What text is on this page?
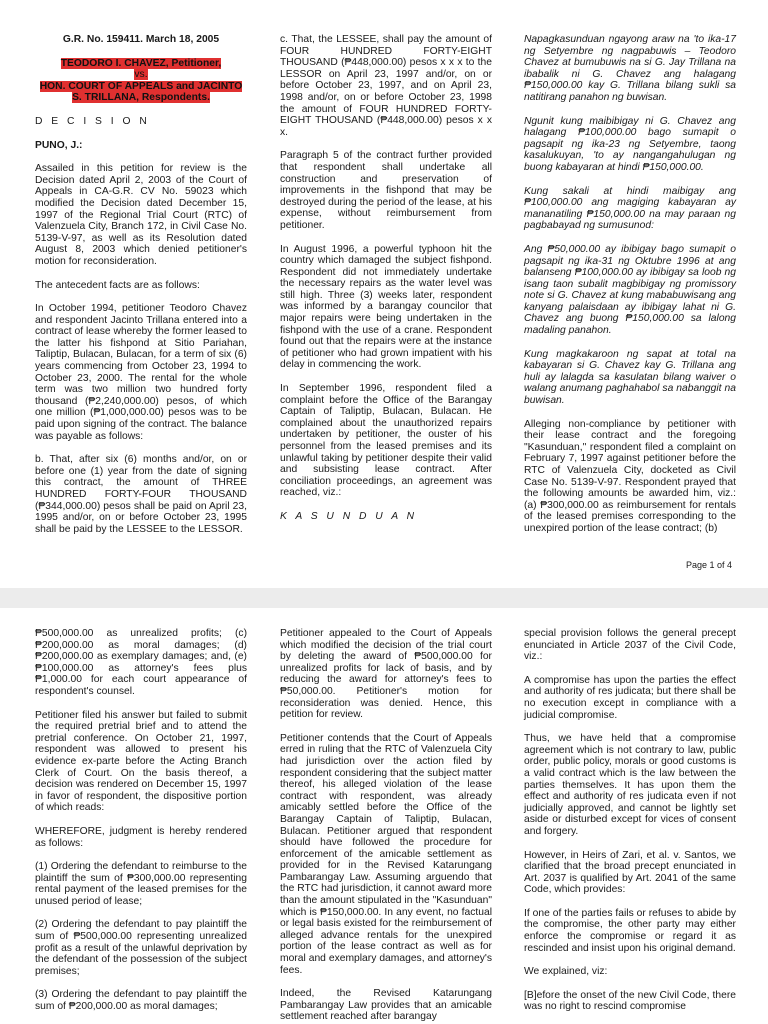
G.R. No. 159411. March 18, 2005

TEODORO I. CHAVEZ, Petitioner,

vs.

HON. COURT OF APPEALS and JACINTO S. TRILLANA, Respondents.

D E C I S I O N

PUNO, J.:

Assailed in this petition for review is the Decision dated April 2, 2003 of the Court of Appeals in CA-G.R. CV No. 59023 which modified the Decision dated December 15, 1997 of the Regional Trial Court (RTC) of Valenzuela City, Branch 172, in Civil Case No. 5139-V-97, as well as its Resolution dated August 8, 2003 which denied petitioner's motion for reconsideration.

The antecedent facts are as follows:

In October 1994, petitioner Teodoro Chavez and respondent Jacinto Trillana entered into a contract of lease whereby the former leased to the latter his fishpond at Sitio Pariahan, Taliptip, Bulacan, Bulacan, for a term of six (6) years commencing from October 23, 1994 to October 23, 2000. The rental for the whole term was two million two hundred forty thousand (₱2,240,000.00) pesos, of which one million (₱1,000,000.00) pesos was to be paid upon signing of the contract. The balance was payable as follows:

b. That, after six (6) months and/or, on or before one (1) year from the date of signing this contract, the amount of THREE HUNDRED FORTY-FOUR THOUSAND (₱344,000.00) pesos shall be paid on April 23, 1995 and/or, on or before October 23, 1995 shall be paid by the LESSEE to the LESSOR.

c. That, the LESSEE, shall pay the amount of FOUR HUNDRED FORTY-EIGHT THOUSAND (₱448,000.00) pesos x x x to the LESSOR on April 23, 1997 and/or, on or before October 23, 1997, and on April 23, 1998 and/or, on or before October 23, 1998 the amount of FOUR HUNDRED FORTY-EIGHT THOUSAND (₱448,000.00) pesos x x x.

Paragraph 5 of the contract further provided that respondent shall undertake all construction and preservation of improvements in the fishpond that may be destroyed during the period of the lease, at his expense, without reimbursement from petitioner.

In August 1996, a powerful typhoon hit the country which damaged the subject fishpond. Respondent did not immediately undertake the necessary repairs as the water level was still high. Three (3) weeks later, respondent was informed by a barangay councilor that major repairs were being undertaken in the fishpond with the use of a crane. Respondent found out that the repairs were at the instance of petitioner who had grown impatient with his delay in commencing the work.

In September 1996, respondent filed a complaint before the Office of the Barangay Captain of Taliptip, Bulacan, Bulacan. He complained about the unauthorized repairs undertaken by petitioner, the ouster of his personnel from the leased premises and its unlawful taking by petitioner despite their valid and subsisting lease contract. After conciliation proceedings, an agreement was reached, viz.:

K A S U N D U A N

Napagkasunduan ngayong araw na 'to ika-17 ng Setyembre ng nagpabuwis – Teodoro Chavez at bumubuwis na si G. Jay Trillana na ibabalik ni G. Chavez ang halagang ₱150,000.00 kay G. Trillana bilang sukli sa natitirang panahon ng buwisan.

Ngunit kung maibibigay ni G. Chavez ang halagang ₱100,000.00 bago sumapit o pagsapit ng ika-23 ng Setyembre, taong kasalukuyan, 'to ay nangangahulugan ng buong kabayaran at hindi ₱150,000.00.

Kung sakali at hindi maibigay ang ₱100,000.00 ang magiging kabayaran ay mananatiling ₱150,000.00 na may paraan ng pagbabayad ng sumusunod:

Ang ₱50,000.00 ay ibibigay bago sumapit o pagsapit ng ika-31 ng Oktubre 1996 at ang balanseng ₱100,000.00 ay ibibigay sa loob ng isang taon subalit magbibigay ng promissory note si G. Chavez at kung mababuwisang ang kanyang palaisdaan ay ibibigay lahat ni G. Chavez ang buong ₱150,000.00 sa lalong madaling panahon.

Kung magkakaroon ng sapat at total na kabayaran si G. Chavez kay G. Trillana ang huli ay lalagda sa kasulatan bilang waiver o walang anumang paghahabol sa nabanggit na buwisan.

Alleging non-compliance by petitioner with their lease contract and the foregoing "Kasunduan," respondent filed a complaint on February 7, 1997 against petitioner before the RTC of Valenzuela City, docketed as Civil Case No. 5139-V-97. Respondent prayed that the following amounts be awarded him, viz.: (a) ₱300,000.00 as reimbursement for rentals of the leased premises corresponding to the unexpired portion of the lease contract; (b)

Page 1 of 4

₱500,000.00 as unrealized profits; (c) ₱200,000.00 as moral damages; (d) ₱200,000.00 as exemplary damages; and, (e) ₱100,000.00 as attorney's fees plus ₱1,000.00 for each court appearance of respondent's counsel.

Petitioner filed his answer but failed to submit the required pretrial brief and to attend the pretrial conference. On October 21, 1997, respondent was allowed to present his evidence ex-parte before the Acting Branch Clerk of Court. On the basis thereof, a decision was rendered on December 15, 1997 in favor of respondent, the dispositive portion of which reads:

WHEREFORE, judgment is hereby rendered as follows:

(1) Ordering the defendant to reimburse to the plaintiff the sum of ₱300,000.00 representing rental payment of the leased premises for the unused period of lease;

(2) Ordering the defendant to pay plaintiff the sum of ₱500,000.00 representing unrealized profit as a result of the unlawful deprivation by the defendant of the possession of the subject premises;

(3) Ordering the defendant to pay plaintiff the sum of ₱200,000.00 as moral damages;

Petitioner appealed to the Court of Appeals which modified the decision of the trial court by deleting the award of ₱500,000.00 for unrealized profits for lack of basis, and by reducing the award for attorney's fees to ₱50,000.00. Petitioner's motion for reconsideration was denied. Hence, this petition for review.

Petitioner contends that the Court of Appeals erred in ruling that the RTC of Valenzuela City had jurisdiction over the action filed by respondent considering that the subject matter thereof, his alleged violation of the lease contract with respondent, was already amicably settled before the Office of the Barangay Captain of Taliptip, Bulacan, Bulacan. Petitioner argued that respondent should have followed the procedure for enforcement of the amicable settlement as provided for in the Revised Katarungang Pambarangay Law. Assuming arguendo that the RTC had jurisdiction, it cannot award more than the amount stipulated in the "Kasunduan" which is ₱150,000.00. In any event, no factual or legal basis existed for the reimbursement of alleged advance rentals for the unexpired portion of the lease contract as well as for moral and exemplary damages, and attorney's fees.

Indeed, the Revised Katarungang Pambarangay Law provides that an amicable settlement reached after barangay

special provision follows the general precept enunciated in Article 2037 of the Civil Code, viz.:

A compromise has upon the parties the effect and authority of res judicata; but there shall be no execution except in compliance with a judicial compromise.

Thus, we have held that a compromise agreement which is not contrary to law, public order, public policy, morals or good customs is a valid contract which is the law between the parties themselves. It has upon them the effect and authority of res judicata even if not judicially approved, and cannot be lightly set aside or disturbed except for vices of consent and forgery.

However, in Heirs of Zari, et al. v. Santos, we clarified that the broad precept enunciated in Art. 2037 is qualified by Art. 2041 of the same Code, which provides:

If one of the parties fails or refuses to abide by the compromise, the other party may either enforce the compromise or regard it as rescinded and insist upon his original demand.

We explained, viz:

[B]efore the onset of the new Civil Code, there was no right to rescind compromise
